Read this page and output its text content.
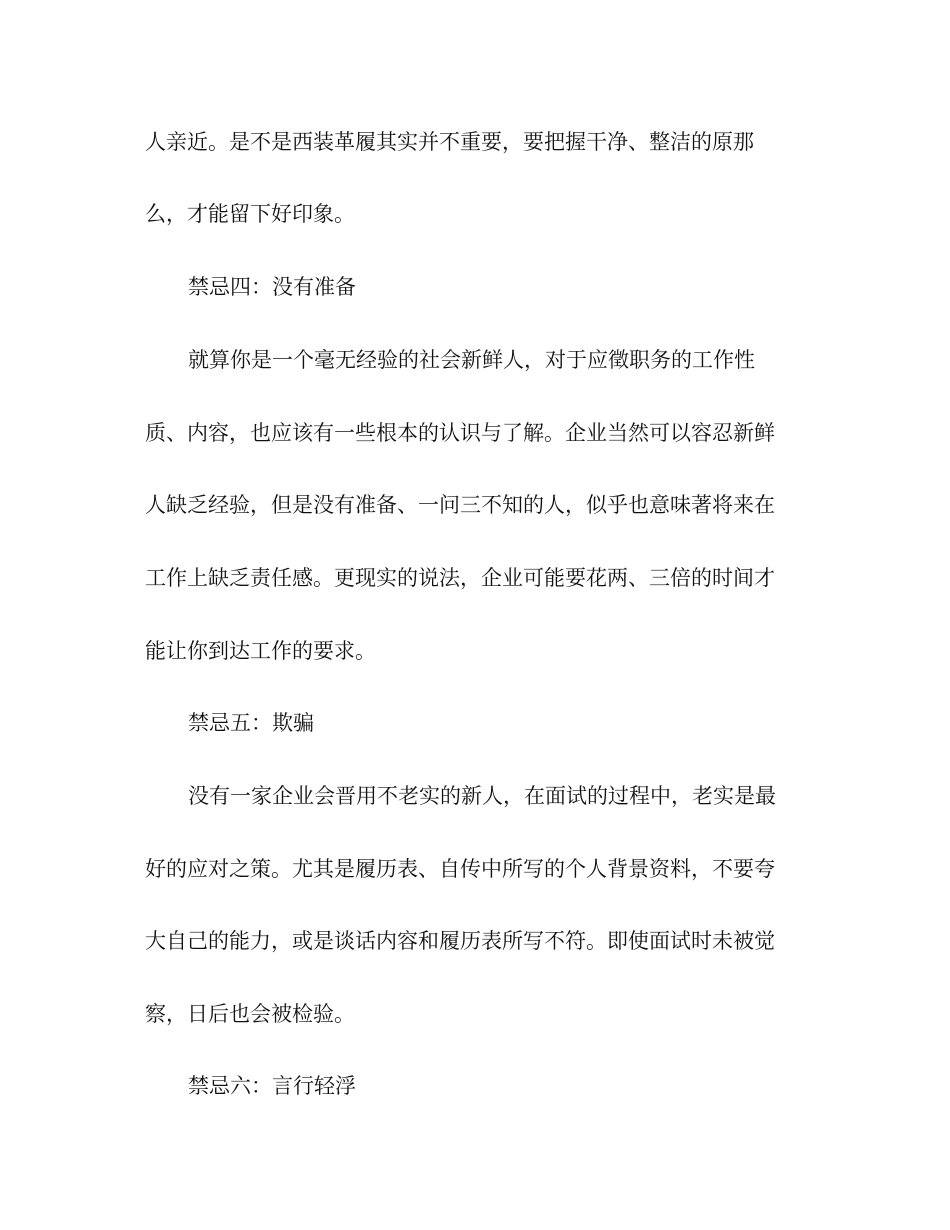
人亲近。是不是西装革履其实并不重要，要把握干净、整洁的原那
么，才能留下好印象。
禁忌四：没有准备
就算你是一个毫无经验的社会新鲜人，对于应徵职务的工作性
质、内容，也应该有一些根本的认识与了解。企业当然可以容忍新鲜
人缺乏经验，但是没有准备、一问三不知的人，似乎也意味著将来在
工作上缺乏责任感。更现实的说法，企业可能要花两、三倍的时间才
能让你到达工作的要求。
禁忌五：欺骗
没有一家企业会晋用不老实的新人，在面试的过程中，老实是最
好的应对之策。尤其是履历表、自传中所写的个人背景资料，不要夸
大自己的能力，或是谈话内容和履历表所写不符。即使面试时未被觉
察，日后也会被检验。
禁忌六：言行轻浮
